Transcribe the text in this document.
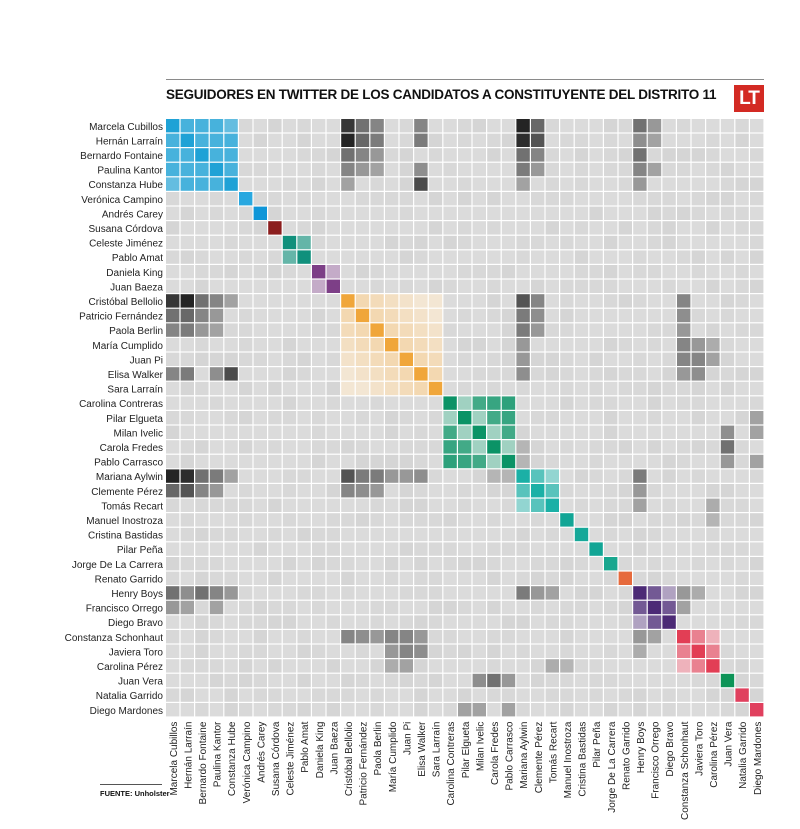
SEGUIDORES EN TWITTER DE LOS CANDIDATOS A CONSTITUYENTE DEL DISTRITO 11 LT
Marcela Cubillos
Hernán Larraín
Bernardo Fontaine
Paulina Kantor
Constanza Hube
Verónica Campino
Andrés Carey
Susana Córdova
Celeste Jiménez
Pablo Amat
Daniela King
Juan Baeza
Cristóbal Bellolio
Patricio Fernández
Paola Berlin
María Cumplido
Juan Pi
Elisa Walker
Sara Larraín
Carolina Contreras
Pilar Elgueta
Milan Ivelic
Carola Fredes
Pablo Carrasco
Mariana Aylwin
Clemente Pérez
Tomás Recart
Manuel Inostroza
Cristina Bastidas
Pilar Peña
Jorge De La Carrera
Renato Garrido
Henry Boys
Francisco Orrego
Diego Bravo
Constanza Schonhaut
Javiera Toro
Carolina Pérez
Juan Vera
Natalia Garrido
Diego Mardones
Marcela Cubillos Hernán Larraín Bernardo Fontaine Paulina Kantor Constanza Hube Verónica Campino Andrés Carey Susana Córdova Celeste Jiménez Pablo Amat Daniela King Juan Baeza Cristóbal Bellolio Patricio Fernández Paola Berlin María Cumplido Juan Pi Elisa Walker Sara Larraín Carolina Contreras Pilar Elgueta Milan Ivelic Carola Fredes Pablo Carrasco Mariana Aylwin Clemente Pérez Tomás Recart Manuel Inostroza Cristina Bastidas Pilar Peña Jorge De La Carrera Renato Garrido Henry Boys Francisco Orrego Diego Bravo Constanza Schonhaut Javiera Toro Carolina Pérez Juan Vera Natalia Garrido Diego Mardones
FUENTE: Unholster
